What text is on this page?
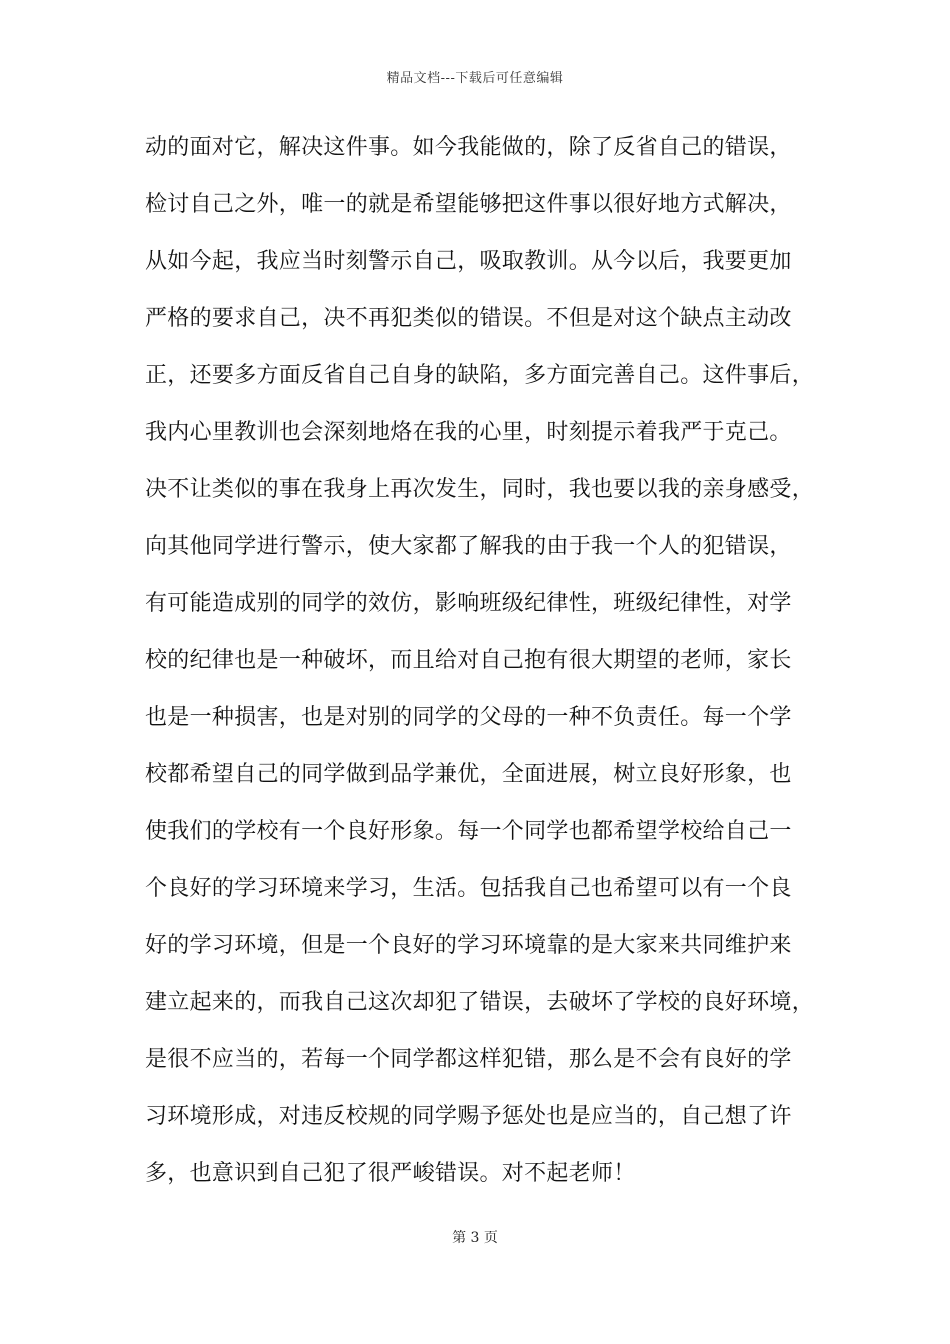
精品文档---下载后可任意编辑
动的面对它，解决这件事。如今我能做的，除了反省自己的错误，
检讨自己之外，唯一的就是希望能够把这件事以很好地方式解决，
从如今起，我应当时刻警示自己，吸取教训。从今以后，我要更加
严格的要求自己，决不再犯类似的错误。不但是对这个缺点主动改
正，还要多方面反省自己自身的缺陷，多方面完善自己。这件事后，
我内心里教训也会深刻地烙在我的心里，时刻提示着我严于克己。
决不让类似的事在我身上再次发生，同时，我也要以我的亲身感受，
向其他同学进行警示，使大家都了解我的由于我一个人的犯错误，
有可能造成别的同学的效仿，影响班级纪律性，班级纪律性，对学
校的纪律也是一种破坏，而且给对自己抱有很大期望的老师，家长
也是一种损害，也是对别的同学的父母的一种不负责任。每一个学
校都希望自己的同学做到品学兼优，全面进展，树立良好形象，也
使我们的学校有一个良好形象。每一个同学也都希望学校给自己一
个良好的学习环境来学习，生活。包括我自己也希望可以有一个良
好的学习环境，但是一个良好的学习环境靠的是大家来共同维护来
建立起来的，而我自己这次却犯了错误，去破坏了学校的良好环境，
是很不应当的，若每一个同学都这样犯错，那么是不会有良好的学
习环境形成，对违反校规的同学赐予惩处也是应当的，自己想了许
多，也意识到自己犯了很严峻错误。对不起老师！
第 3 页
